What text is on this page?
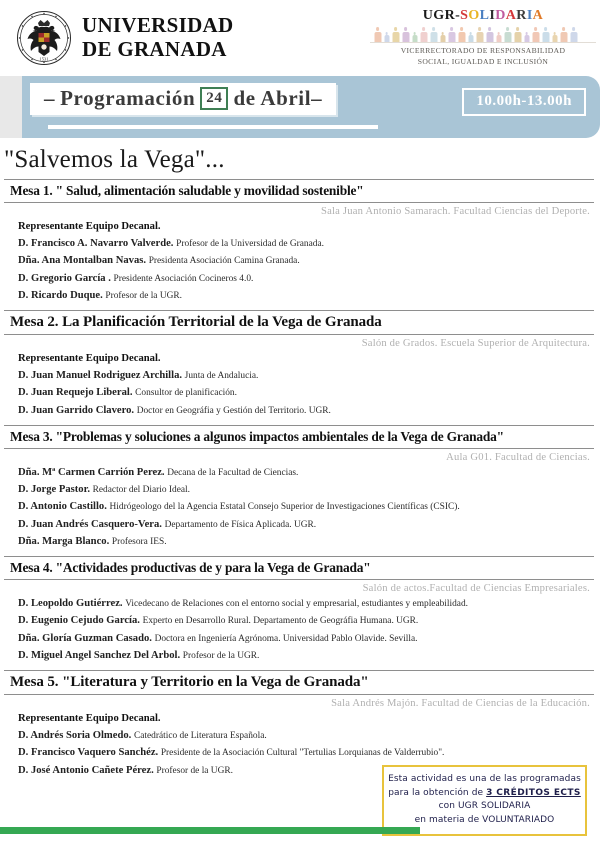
1531
UNIVERSIDAD
DE GRANADA
UGR-SOLIDARIA
VICERRECTORADO DE RESPONSABILIDAD
SOCIAL, IGUALDAD E INCLUSIÓN
– Programación 24 de Abril–	10.00h-13.00h
"Salvemos la Vega"...
Mesa 1. " Salud, alimentación saludable y movilidad sostenible"
Sala Juan Antonio Samarach. Facultad Ciencias del Deporte.
Representante Equipo Decanal.
D. Francisco A. Navarro Valverde. Profesor de la Universidad de Granada.
Dña. Ana Montalban Navas. Presidenta Asociación Camina Granada.
D. Gregorio García . Presidente Asociación Cocineros 4.0.
D. Ricardo Duque. Profesor de la UGR.
Mesa 2. La Planificación Territorial de la Vega de Granada
Salón de Grados. Escuela Superior de Arquitectura.
Representante Equipo Decanal.
D. Juan Manuel Rodriguez Archilla. Junta de Andalucia.
D. Juan Requejo Liberal. Consultor de planificación.
D. Juan Garrido Clavero. Doctor en Geográfia y Gestión del Territorio. UGR.
Mesa 3. "Problemas y soluciones a algunos impactos ambientales de la Vega de Granada"
Aula G01. Facultad de Ciencias.
Dña. Mª Carmen Carrión Perez. Decana de la Facultad de Ciencias.
D. Jorge Pastor. Redactor del Diario Ideal.
D. Antonio Castillo. Hidrógeologo del la Agencia Estatal Consejo Superior de Investigaciones Científicas (CSIC).
D. Juan Andrés Casquero-Vera. Departamento de Física Aplicada. UGR.
Dña. Marga Blanco. Profesora IES.
Mesa 4. "Actividades productivas de y para la Vega de Granada"
Salón de actos.Facultad de Ciencias Empresariales.
D. Leopoldo Gutiérrez. Vicedecano de Relaciones con el entorno social y empresarial, estudiantes y empleabilidad.
D. Eugenio Cejudo García. Experto en Desarrollo Rural. Departamento de Geográfia Humana. UGR.
Dña. Gloría Guzman Casado. Doctora en Ingeniería Agrónoma. Universidad Pablo Olavide. Sevilla.
D. Miguel Angel Sanchez Del Arbol. Profesor de la UGR.
Mesa 5. "Literatura y Territorio en la Vega de Granada"
Sala Andrés Majón. Facultad de Ciencias de la Educación.
Representante Equipo Decanal.
D. Andrés Soria Olmedo. Catedrático de Literatura Española.
D. Francisco Vaquero Sanchéz. Presidente de la Asociación Cultural "Tertulias Lorquianas de Valderrubio".
D. José Antonio Cañete Pérez. Profesor de la UGR.
Esta actividad es una de las programadas
para la obtención de 3 CRÉDITOS ECTS
con UGR SOLIDARIA
en materia de VOLUNTARIADO
